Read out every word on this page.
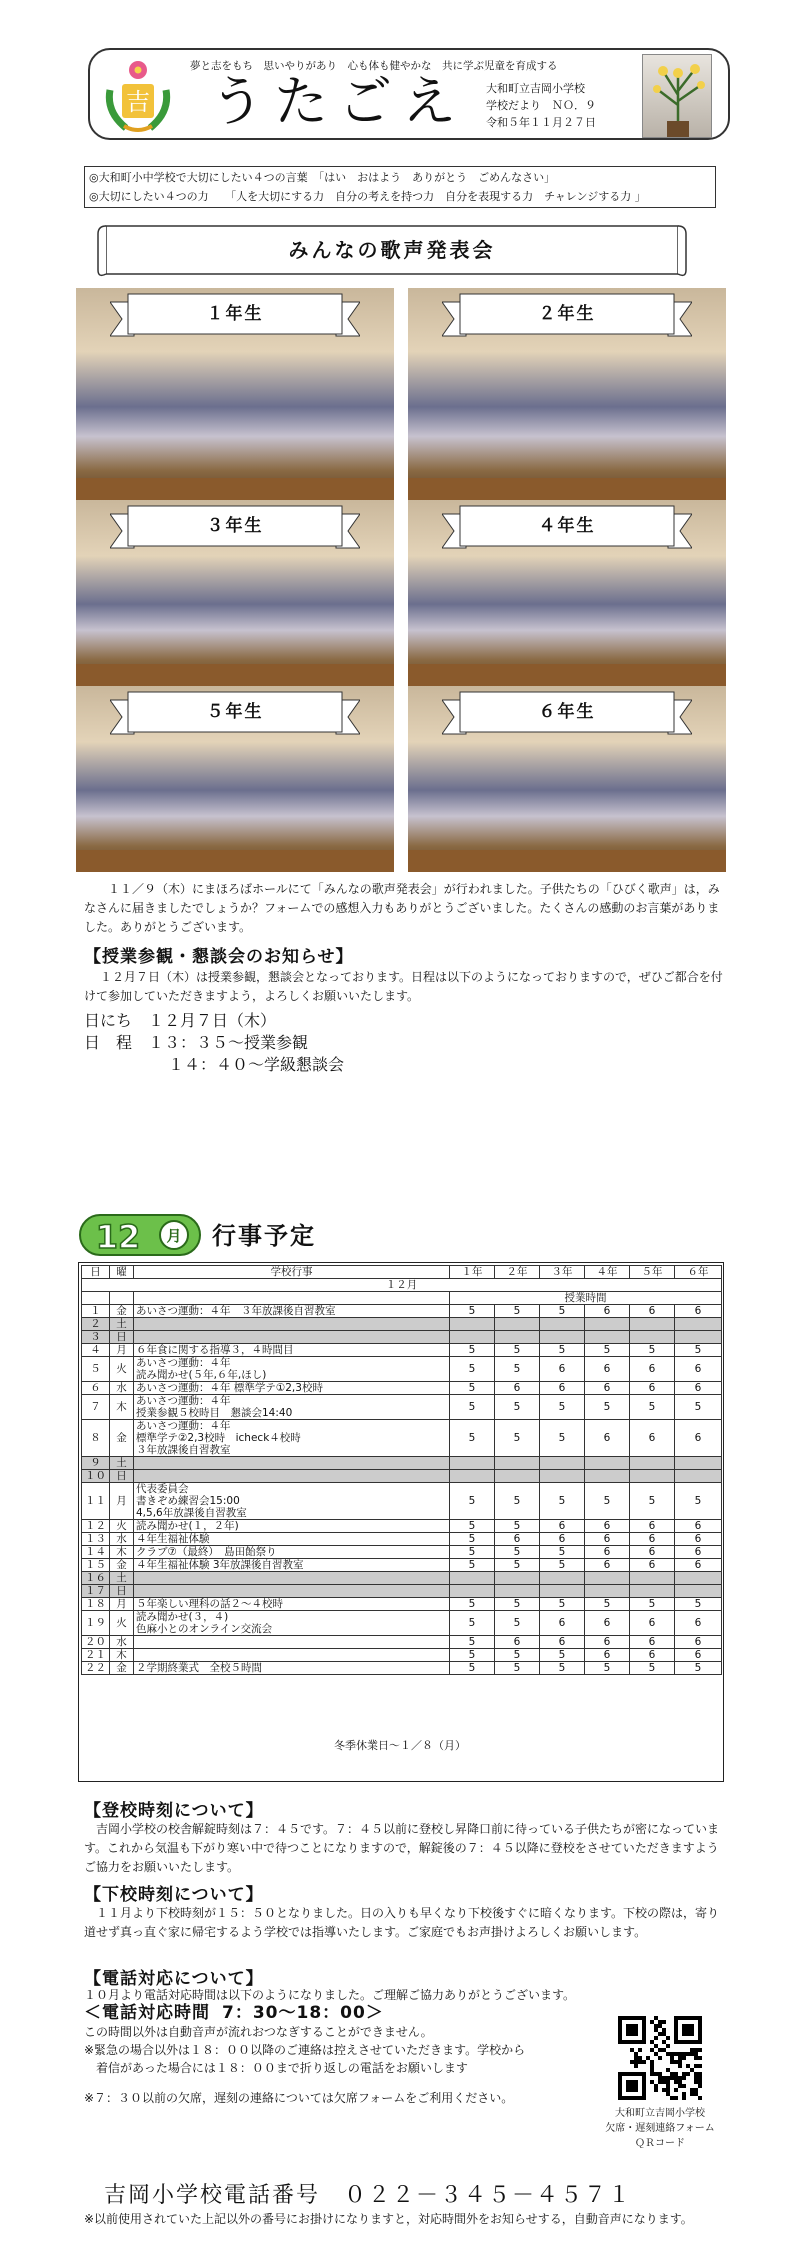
吉
夢と志をもち　思いやりがあり　心も体も健やかな　共に学ぶ児童を育成する
うたごえ 大和町立吉岡小学校
学校だより　ＮＯ．９
令和５年１１月２７日
◎大和町小中学校で大切にしたい４つの言葉　「はい　おはよう　ありがとう　ごめんなさい」
◎大切にしたい４つの力　　「人を大切にする力　自分の考えを持つ力　自分を表現する力　チャレンジする力 」
みんなの歌声発表会
１年生	２年生
３年生	４年生
５年生	６年生
１１／９（木）にまほろばホールにて「みんなの歌声発表会」が行われました。子供たちの「ひびく歌声」は，みなさんに届きましたでしょうか？フォームでの感想入力もありがとうございました。たくさんの感動のお言葉がありました。ありがとうございます。
【授業参観・懇談会のお知らせ】
１２月７日（木）は授業参観，懇談会となっております。日程は以下のようになっておりますので，ぜひご都合を付けて参加していただきますよう，よろしくお願いいたします。
日にち　 １２月７日（木）
日　程　 １３：３５～授業参観
１４：４０～学級懇談会
12 月 行事予定
日	曜	学校行事	１年	２年	３年	４年	５年	６年
１２月								
			授業時間					
１	金	あいさつ運動：４年　３年放課後自習教室	5	5	5	6	6	6
２	土							
３	日							
４	月	６年食に関する指導３，４時間目	5	5	5	5	5	5
５	火	あいさつ運動：４年
読み聞かせ(５年,６年,ほし)	5	5	6	6	6	6
６	水	あいさつ運動：４年 標準学テ①2,3校時	5	6	6	6	6	6
７	木	あいさつ運動：４年
授業参観５校時目　懇談会14:40	5	5	5	5	5	5
８	金	あいさつ運動：４年
標準学テ②2,3校時　icheck４校時
３年放課後自習教室	5	5	5	6	6	6
９	土							
１０	日							
１１	月	代表委員会
書きぞめ練習会15:00
4,5,6年放課後自習教室	5	5	5	5	5	5
１２	火	読み聞かせ(１，２年)	5	5	6	6	6	6
１３	水	４年生福祉体験	5	6	6	6	6	6
１４	木	クラブ⑦（最終）　島田飴祭り	5	5	5	6	6	6
１５	金	４年生福祉体験 3年放課後自習教室	5	5	5	6	6	6
１６	土							
１７	日							
１８	月	５年楽しい理科の話２～４校時	5	5	5	5	5	5
１９	火	読み聞かせ(３，４)
色麻小とのオンライン交流会	5	5	6	6	6	6
２０	水		5	6	6	6	6	6
２１	木		5	5	5	6	6	6
２２	金	２学期終業式　全校５時間	5	5	5	5	5	5
冬季休業日～１／８（月）
【登校時刻について】
吉岡小学校の校舎解錠時刻は７：４５です。７：４５以前に登校し昇降口前に待っている子供たちが密になっています。これから気温も下がり寒い中で待つことになりますので，解錠後の７：４５以降に登校をさせていただきますようご協力をお願いいたします。
【下校時刻について】
１１月より下校時刻が１５：５０となりました。日の入りも早くなり下校後すぐに暗くなります。下校の際は，寄り道せず真っ直ぐ家に帰宅するよう学校では指導いたします。ご家庭でもお声掛けよろしくお願いします。
【電話対応について】
１０月より電話対応時間は以下のようになりました。ご理解ご協力ありがとうございます。
＜電話対応時間　 7：30～18：00＞
この時間以外は自動音声が流れおつなぎすることができません。
※緊急の場合以外は１８：００以降のご連絡は控えさせていただきます。学校から
　着信があった場合には１８：００まで折り返しの電話をお願いします
※７：３０以前の欠席，遅刻の連絡については欠席フォームをご利用ください。
大和町立吉岡小学校
欠席・遅刻連絡フォーム
ＱＲコード
吉岡小学校電話番号　０２２－３４５－４５７１
※以前使用されていた上記以外の番号にお掛けになりますと，対応時間外をお知らせする，自動音声になります。
